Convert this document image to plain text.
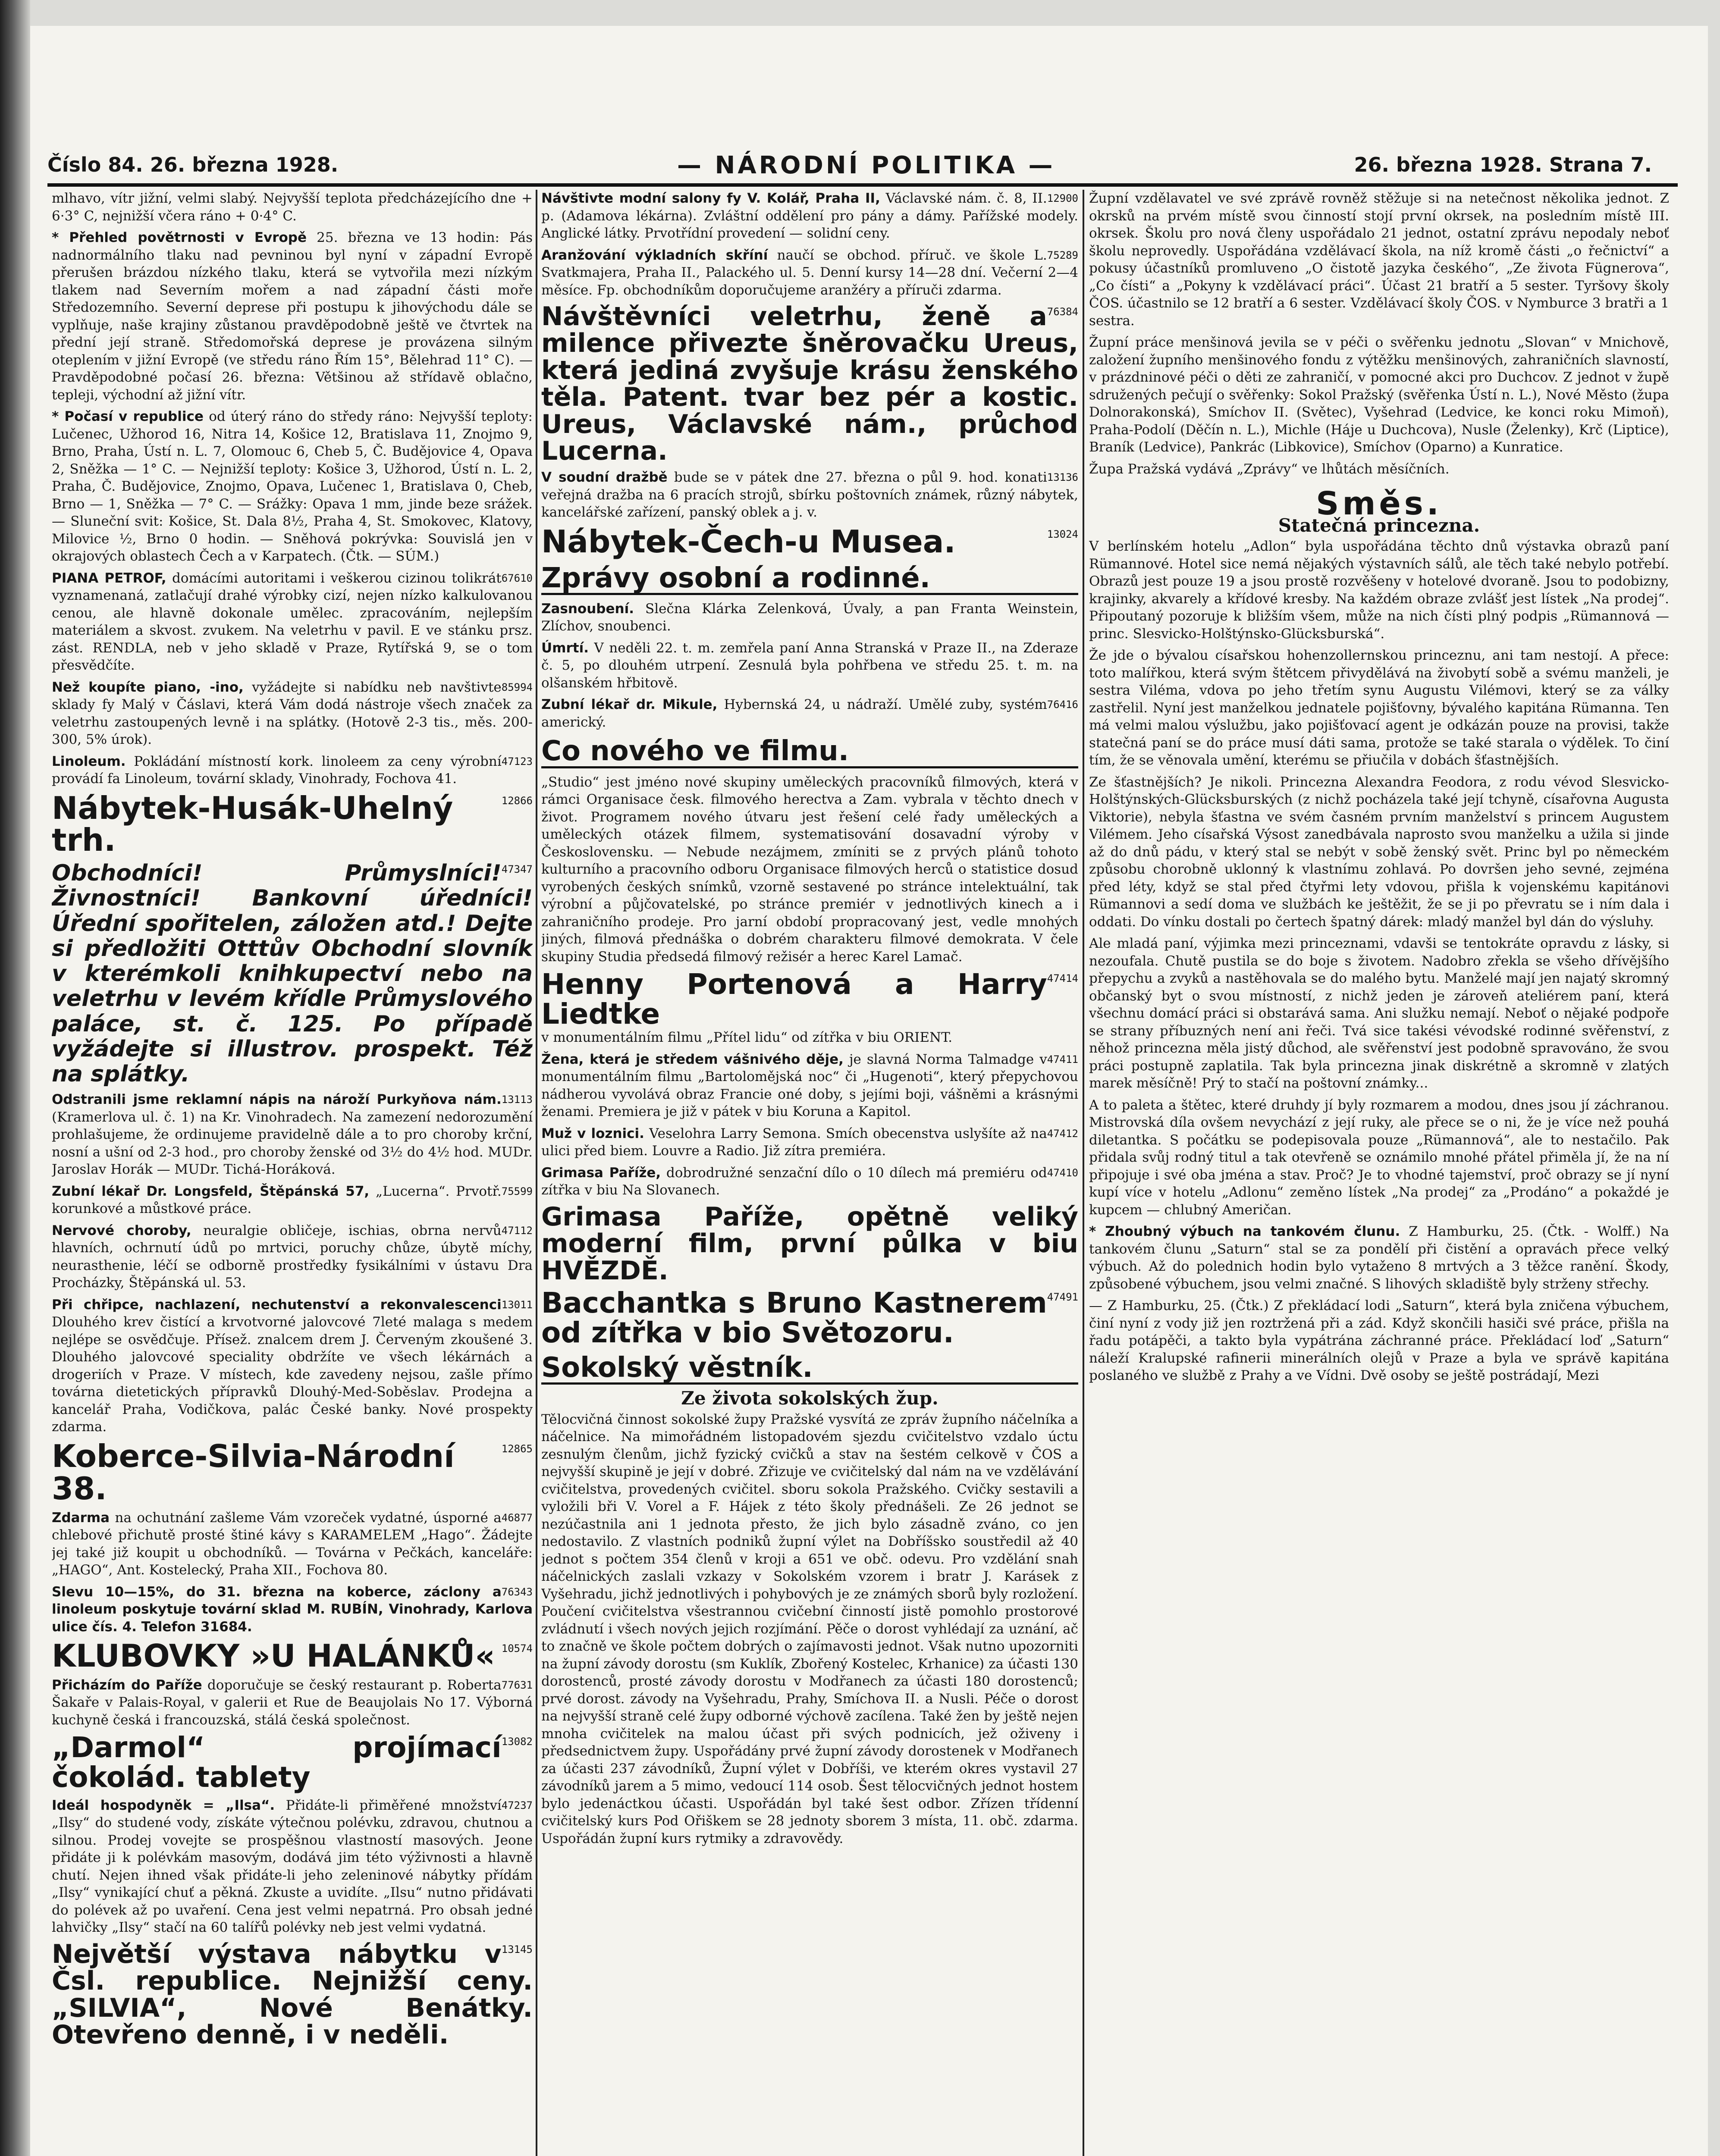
Číslo 84. 26. března 1928.	— NÁRODNÍ POLITIKA —	26. března 1928. Strana 7.
mlhavo, vítr jižní, velmi slabý. Nejvyšší teplota předcházejícího dne + 6·3° C, nejnižší včera ráno + 0·4° C.
* Přehled povětrnosti v Evropě 25. března ve 13 hodin: Pás nadnormálního tlaku nad pevninou byl nyní v západní Evropě přerušen brázdou nízkého tlaku, která se vytvořila mezi nízkým tlakem nad Severním mořem a nad západní části moře Středozemního. Severní deprese při postupu k jihovýchodu dále se vyplňuje, naše krajiny zůstanou pravděpodobně ještě ve čtvrtek na přední její straně. Středomořská deprese je provázena silným oteplením v jižní Evropě (ve středu ráno Řím 15°, Bělehrad 11° C). — Pravděpodobné počasí 26. března: Většinou až střídavě oblačno, tepleji, východní až jižní vítr.
* Počasí v republice od úterý ráno do středy ráno: Nejvyšší teploty: Lučenec, Užhorod 16, Nitra 14, Košice 12, Bratislava 11, Znojmo 9, Brno, Praha, Ústí n. L. 7, Olomouc 6, Cheb 5, Č. Budějovice 4, Opava 2, Sněžka — 1° C. — Nejnižší teploty: Košice 3, Užhorod, Ústí n. L. 2, Praha, Č. Budějovice, Znojmo, Opava, Lučenec 1, Bratislava 0, Cheb, Brno — 1, Sněžka — 7° C. — Srážky: Opava 1 mm, jinde beze srážek. — Sluneční svit: Košice, St. Dala 8½, Praha 4, St. Smokovec, Klatovy, Milovice ½, Brno 0 hodin. — Sněhová pokrývka: Souvislá jen v okrajových oblastech Čech a v Karpatech. (Čtk. — SÚM.)
67610
PIANA PETROF, domácími autoritami i veškerou cizinou tolikrát vyznamenaná, zatlačují drahé výrobky cizí, nejen nízko kalkulovanou cenou, ale hlavně dokonale umělec. zpracováním, nejlepším materiálem a skvost. zvukem. Na veletrhu v pavil. E ve stánku prsz. zást. RENDLA, neb v jeho skladě v Praze, Rytířská 9, se o tom přesvědčíte.
85994
Než koupíte piano, -ino, vyžádejte si nabídku neb navštivte sklady fy Malý v Čáslavi, která Vám dodá nástroje všech značek za veletrhu zastoupených levně i na splátky. (Hotově 2-3 tis., měs. 200-300, 5% úrok).
47123
Linoleum. Pokládání místností kork. linoleem za ceny výrobní provádí fa Linoleum, tovární sklady, Vinohrady, Fochova 41.
12866
Nábytek-Husák-Uhelný trh.
47347
Obchodníci! Průmyslníci! Živnostníci! Bankovní úředníci! Úřední spořitelen, záložen atd.! Dejte si předložiti Otttův Obchodní slovník v kterémkoli knihkupectví nebo na veletrhu v levém křídle Průmyslového paláce, st. č. 125. Po případě vyžádejte si illustrov. prospekt. Též na splátky.
13113
Odstranili jsme reklamní nápis na nároží Purkyňova nám. (Kramerlova ul. č. 1) na Kr. Vinohradech. Na zamezení nedorozumění prohlašujeme, že ordinujeme pravidelně dále a to pro choroby krční, nosní a ušní od 2-3 hod., pro choroby ženské od 3½ do 4½ hod. MUDr. Jaroslav Horák — MUDr. Tichá-Horáková.
75599
Zubní lékař Dr. Longsfeld, Štěpánská 57, „Lucerna“. Prvotř. korunkové a můstkové práce.
47112
Nervové choroby, neuralgie obličeje, ischias, obrna nervů hlavních, ochrnutí údů po mrtvici, poruchy chůze, úbytě míchy, neurasthenie, léčí se odborně prostředky fysikálními v ústavu Dra Procházky, Štěpánská ul. 53.
13011
Při chřipce, nachlazení, nechutenství a rekonvalescenci Dlouhého krev čistící a krvotvorné jalovcové 7leté malaga s medem nejlépe se osvědčuje. Přísež. znalcem drem J. Červeným zkoušené 3. Dlouhého jalovcové speciality obdržíte ve všech lékárnách a drogeriích v Praze. V místech, kde zavedeny nejsou, zašle přímo továrna dietetických přípravků Dlouhý-Med-Soběslav. Prodejna a kancelář Praha, Vodičkova, palác České banky. Nové prospekty zdarma.
12865
Koberce-Silvia-Národní 38.
46877
Zdarma na ochutnání zašleme Vám vzoreček vydatné, úsporné a chlebové přichutě prosté štiné kávy s KARAMELEM „Hago“. Žádejte jej také již koupit u obchodníků. — Továrna v Pečkách, kanceláře: „HAGO“, Ant. Kostelecký, Praha XII., Fochova 80.
76343
Slevu 10—15%, do 31. března na koberce, záclony a linoleum poskytuje tovární sklad M. RUBÍN, Vinohrady, Karlova ulice čís. 4. Telefon 31684.
10574
KLUBOVKY »U HALÁNKŮ«
77631
Přicházím do Paříže doporučuje se český restaurant p. Roberta Šakaře v Palais-Royal, v galerii et Rue de Beaujolais No 17. Výborná kuchyně česká i francouzská, stálá česká společnost.
13082
„Darmol“ projímací čokolád. tablety
47237
Ideál hospodyněk = „Ilsa“. Přidáte-li přiměřené množství „Ilsy“ do studené vody, získáte výtečnou polévku, zdravou, chutnou a silnou. Prodej vovejte se prospěšnou vlastností masových. Jeone přidáte ji k polévkám masovým, dodává jim této výživnosti a hlavně chutí. Nejen ihned však přidáte-li jeho zeleninové nábytky přídám „Ilsy“ vynikající chuť a pěkná. Zkuste a uvidíte. „Ilsu“ nutno přidávati do polévek až po uvaření. Cena jest velmi nepatrná. Pro obsah jedné lahvičky „Ilsy“ stačí na 60 talířů polévky neb jest velmi vydatná.
13145
Největší výstava nábytku v Čsl. republice. Nejnižší ceny. „SILVIA“, Nové Benátky. Otevřeno denně, i v neděli.
12900
Návštivte modní salony fy V. Kolář, Praha II, Václavské nám. č. 8, II. p. (Adamova lékárna). Zvláštní oddělení pro pány a dámy. Pařížské modely. Anglické látky. Prvotřídní provedení — solidní ceny.
75289
Aranžování výkladních skříní naučí se obchod. příruč. ve škole L. Svatkmajera, Praha II., Palackého ul. 5. Denní kursy 14—28 dní. Večerní 2—4 měsíce. Fp. obchodníkům doporučujeme aranžéry a příruči zdarma.
76384
Návštěvníci veletrhu, ženě a milence přivezte šněrovačku Ureus, která jediná zvyšuje krásu ženského těla. Patent. tvar bez pér a kostic. Ureus, Václavské nám., průchod Lucerna.
13136
V soudní dražbě bude se v pátek dne 27. března o půl 9. hod. konati veřejná dražba na 6 pracích strojů, sbírku poštovních známek, různý nábytek, kancelářské zařízení, panský oblek a j. v.
13024
Nábytek-Čech-u Musea.
Zprávy osobní a rodinné.
Zasnoubení. Slečna Klárka Zelenková, Úvaly, a pan Franta Weinstein, Zlíchov, snoubenci.
Úmrtí. V neděli 22. t. m. zemřela paní Anna Stranská v Praze II., na Zderaze č. 5, po dlouhém utrpení. Zesnulá byla pohřbena ve středu 25. t. m. na olšanském hřbitově.
76416
Zubní lékař dr. Mikule, Hybernská 24, u nádraží. Umělé zuby, systém americký.
Co nového ve filmu.
„Studio“ jest jméno nové skupiny uměleckých pracovníků filmových, která v rámci Organisace česk. filmového herectva a Zam. vybrala v těchto dnech v život. Programem nového útvaru jest řešení celé řady uměleckých a uměleckých otázek filmem, systematisování dosavadní výroby v Československu. — Nebude nezájmem, zmíniti se z prvých plánů tohoto kulturního a pracovního odboru Organisace filmových herců o statistice dosud vyrobených českých snímků, vzorně sestavené po stránce intelektuální, tak výrobní a půjčovatelské, po stránce premiér v jednotlivých kinech a i zahraničního prodeje. Pro jarní období propracovaný jest, vedle mnohých jiných, filmová přednáška o dobrém charakteru filmové demokrata. V čele skupiny Studia předsedá filmový režisér a herec Karel Lamač.
47414
Henny Portenová a Harry Liedtke
v monumentálním filmu „Přítel lidu“ od zítřka v biu ORIENT.
47411
Žena, která je středem vášnivého děje, je slavná Norma Talmadge v monumentálním filmu „Bartolomějská noc“ či „Hugenoti“, který přepychovou nádherou vyvolává obraz Francie oné doby, s jejími boji, vášněmi a krásnými ženami. Premiera je již v pátek v biu Koruna a Kapitol.
47412
Muž v loznici. Veselohra Larry Semona. Smích obecenstva uslyšíte až na ulici před biem. Louvre a Radio. Již zítra premiéra.
47410
Grimasa Paříže, dobrodružné senzační dílo o 10 dílech má premiéru od zítřka v biu Na Slovanech.
Grimasa Paříže, opětně veliký moderní film, první půlka v biu HVĚZDĚ.
47491
Bacchantka s Bruno Kastnerem od zítřka v bio Světozoru.
Sokolský věstník.
Ze života sokolských žup.
Tělocvičná činnost sokolské župy Pražské vysvítá ze zpráv župního náčelníka a náčelnice. Na mimořádném listopadovém sjezdu cvičitelstvo vzdalo úctu zesnulým členům, jichž fyzický cvičků a stav na šestém celkově v ČOS a nejvyšší skupině je její v dobré. Zřizuje ve cvičitelský dal nám na ve vzdělávání cvičitelstva, provedených cvičitel. sboru sokola Pražského. Cvičky sestavili a vyložili bři V. Vorel a F. Hájek z této školy přednášeli. Ze 26 jednot se nezúčastnila ani 1 jednota přesto, že jich bylo zásadně zváno, co jen nedostavilo. Z vlastních podniků župní výlet na Dobříšsko soustředil až 40 jednot s počtem 354 členů v kroji a 651 ve obč. odevu. Pro vzdělání snah náčelnických zaslali vzkazy v Sokolském vzorem i bratr J. Karásek z Vyšehradu, jichž jednotlivých i pohybových je ze známých sborů byly rozložení. Poučení cvičitelstva všestrannou cvičební činností jistě pomohlo prostorové zvládnutí i všech nových jejich rozjímání. Pěče o dorost vyhlédají za uznání, ač to značně ve škole počtem dobrých o zajímavosti jednot. Však nutno upozorniti na župní závody dorostu (sm Kuklík, Zbořený Kostelec, Krhanice) za účasti 130 dorostenců, prosté závody dorostu v Modřanech za účasti 180 dorostenců; prvé dorost. závody na Vyšehradu, Prahy, Smíchova II. a Nusli. Péče o dorost na nejvyšší straně celé župy odborné výchově zacílena. Také žen by ještě nejen mnoha cvičitelek na malou účast při svých podnicích, jež oživeny i předsednictvem župy. Uspořádány prvé župní závody dorostenek v Modřanech za účasti 237 závodníků, Župní výlet v Dobříši, ve kterém okres vystavil 27 závodníků jarem a 5 mimo, vedoucí 114 osob. Šest tělocvičných jednot hostem bylo jedenáctkou účasti. Uspořádán byl také šest odbor. Zřízen třídenní cvičitelský kurs Pod Ořiškem se 28 jednoty sborem 3 místa, 11. obč. zdarma. Uspořádán župní kurs rytmiky a zdravovědy.
Župní vzdělavatel ve své zprávě rovněž stěžuje si na netečnost několika jednot. Z okrsků na prvém místě svou činností stojí první okrsek, na posledním místě III. okrsek. Školu pro nová členy uspořádalo 21 jednot, ostatní zprávu nepodaly neboť školu neprovedly. Uspořádána vzdělávací škola, na níž kromě části „o řečnictví“ a pokusy účastníků promluveno „O čistotě jazyka českého“, „Ze života Fügnerova“, „Co čísti“ a „Pokyny k vzdělávací práci“. Účast 21 bratří a 5 sester. Tyršovy školy ČOS. účastnilo se 12 bratří a 6 sester. Vzdělávací školy ČOS. v Nymburce 3 bratři a 1 sestra.
Župní práce menšinová jevila se v péči o svěřenku jednotu „Slovan“ v Mnichově, založení župního menšinového fondu z výtěžku menšinových, zahraničních slavností, v prázdninové péči o děti ze zahraničí, v pomocné akci pro Duchcov. Z jednot v župě sdružených pečují o svěřenky: Sokol Pražský (svěřenka Ústí n. L.), Nové Město (župa Dolnorakonská), Smíchov II. (Světec), Vyšehrad (Ledvice, ke konci roku Mimoň), Praha-Podolí (Děčín n. L.), Michle (Háje u Duchcova), Nusle (Želenky), Krč (Liptice), Braník (Ledvice), Pankrác (Libkovice), Smíchov (Oparno) a Kunratice.
Župa Pražská vydává „Zprávy“ ve lhůtách měsíčních.
Směs.
Statečná princezna.
V berlínském hotelu „Adlon“ byla uspořádána těchto dnů výstavka obrazů paní Rümannové. Hotel sice nemá nějakých výstavních sálů, ale těch také nebylo potřebí. Obrazů jest pouze 19 a jsou prostě rozvěšeny v hotelové dvoraně. Jsou to podobizny, krajinky, akvarely a křídové kresby. Na každém obraze zvlášť jest lístek „Na prodej“. Připoutaný pozoruje k bližším všem, může na nich čísti plný podpis „Rümannová — princ. Slesvicko-Holštýnsko-Glücksburská“.
Že jde o bývalou císařskou hohenzollernskou princeznu, ani tam nestojí. A přece: toto malířkou, která svým štětcem přivydělává na živobytí sobě a svému manželi, je sestra Viléma, vdova po jeho třetím synu Augustu Vilémovi, který se za války zastřelil. Nyní jest manželkou jednatele pojišťovny, bývalého kapitána Rümanna. Ten má velmi malou výslužbu, jako pojišťovací agent je odkázán pouze na provisi, takže statečná paní se do práce musí dáti sama, protože se také starala o výdělek. To činí tím, že se věnovala umění, kterému se přiučila v dobách šťastnějších.
Ze šťastnějších? Je nikoli. Princezna Alexandra Feodora, z rodu vévod Slesvicko-Holštýnských-Glücksburských (z nichž pocházela také její tchyně, císařovna Augusta Viktorie), nebyla šťastna ve svém časném prvním manželství s princem Augustem Vilémem. Jeho císařská Výsost zanedbávala naprosto svou manželku a užila si jinde až do dnů pádu, v který stal se nebýt v sobě ženský svět. Princ byl po německém způsobu chorobně uklonný k vlastnímu zohlavá. Po dovršen jeho sevné, zejména před léty, když se stal před čtyřmi lety vdovou, přišla k vojenskému kapitánovi Rümannovi a sedí doma ve službách ke ještěžit, že se ji po převratu se i ním dala i oddati. Do vínku dostali po čertech špatný dárek: mladý manžel byl dán do výsluhy.
Ale mladá paní, výjimka mezi princeznami, vdavši se tentokráte opravdu z lásky, si nezoufala. Chutě pustila se do boje s životem. Nadobro zřekla se všeho dřívějšího přepychu a zvyků a nastěhovala se do malého bytu. Manželé mají jen najatý skromný občanský byt o svou místností, z nichž jeden je zároveň ateliérem paní, která všechnu domácí práci si obstarává sama. Ani služku nemají. Neboť o nějaké podpoře se strany příbuzných není ani řeči. Tvá sice takési vévodské rodinné svěřenství, z něhož princezna měla jistý důchod, ale svěřenství jest podobně spravováno, že svou práci postupně zaplatila. Tak byla princezna jinak diskrétně a skromně v zlatých marek měsíčně! Prý to stačí na poštovní známky...
A to paleta a štětec, které druhdy jí byly rozmarem a modou, dnes jsou jí záchranou. Mistrovská díla ovšem nevychází z její ruky, ale přece se o ni, že je více než pouhá diletantka. S počátku se podepisovala pouze „Rümannová“, ale to nestačilo. Pak přidala svůj rodný titul a tak otevřeně se oznámilo mnohé přátel přiměla jí, že na ní připojuje i své oba jména a stav. Proč? Je to vhodné tajemství, proč obrazy se jí nyní kupí více v hotelu „Adlonu“ zeměno lístek „Na prodej“ za „Prodáno“ a pokaždé je kupcem — chlubný Američan.
* Zhoubný výbuch na tankovém člunu. Z Hamburku, 25. (Čtk. - Wolff.) Na tankovém člunu „Saturn“ stal se za pondělí při čistění a opravách přece velký výbuch. Až do polednich hodin bylo vytaženo 8 mrtvých a 3 těžce ranění. Škody, způsobené výbuchem, jsou velmi značné. S lihových skladiště byly strženy střechy.
— Z Hamburku, 25. (Čtk.) Z překládací lodi „Saturn“, která byla zničena výbuchem, činí nyní z vody již jen roztržená při a zád. Když skončili hasiči své práce, přišla na řadu potápěči, a takto byla vypátrána záchranné práce. Překládací loď „Saturn“ náleží Kralupské rafinerii minerálních olejů v Praze a byla ve správě kapitána poslaného ve službě z Prahy a ve Vídni. Dvě osoby se ještě postrádají, Mezi
